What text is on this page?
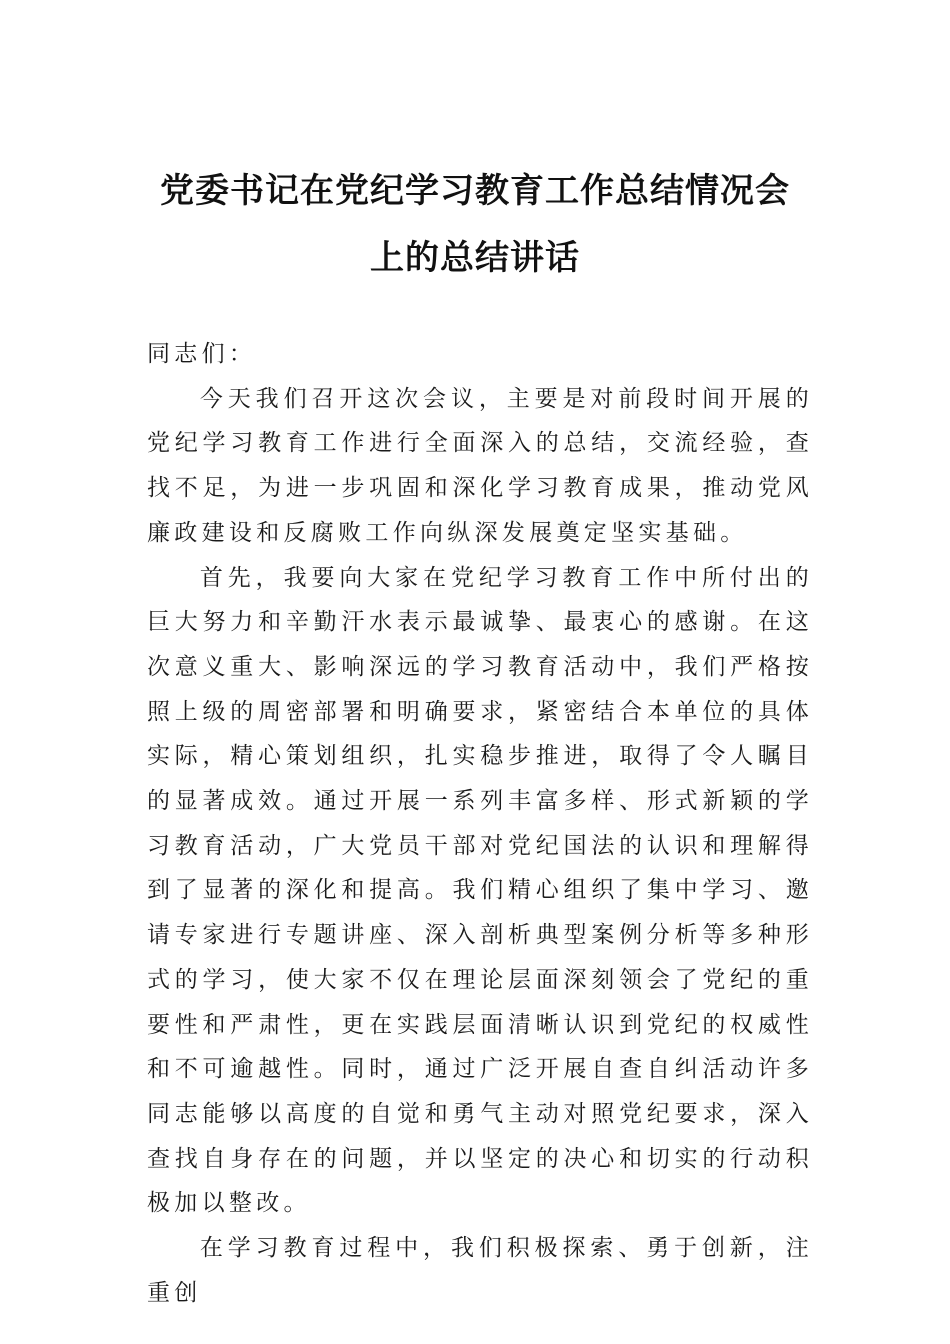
党委书记在党纪学习教育工作总结情况会
上的总结讲话

同志们：

今天我们召开这次会议，主要是对前段时间开展的党纪学习教育工作进行全面深入的总结，交流经验，查找不足，为进一步巩固和深化学习教育成果，推动党风廉政建设和反腐败工作向纵深发展奠定坚实基础。

首先，我要向大家在党纪学习教育工作中所付出的巨大努力和辛勤汗水表示最诚挚、最衷心的感谢。在这次意义重大、影响深远的学习教育活动中，我们严格按照上级的周密部署和明确要求，紧密结合本单位的具体实际，精心策划组织，扎实稳步推进，取得了令人瞩目的显著成效。通过开展一系列丰富多样、形式新颖的学习教育活动，广大党员干部对党纪国法的认识和理解得到了显著的深化和提高。我们精心组织了集中学习、邀请专家进行专题讲座、深入剖析典型案例分析等多种形式的学习，使大家不仅在理论层面深刻领会了党纪的重要性和严肃性，更在实践层面清晰认识到党纪的权威性和不可逾越性。同时，通过广泛开展自查自纠活动许多同志能够以高度的自觉和勇气主动对照党纪要求，深入查找自身存在的问题，并以坚定的决心和切实的行动积极加以整改。

在学习教育过程中，我们积极探索、勇于创新，注重创
